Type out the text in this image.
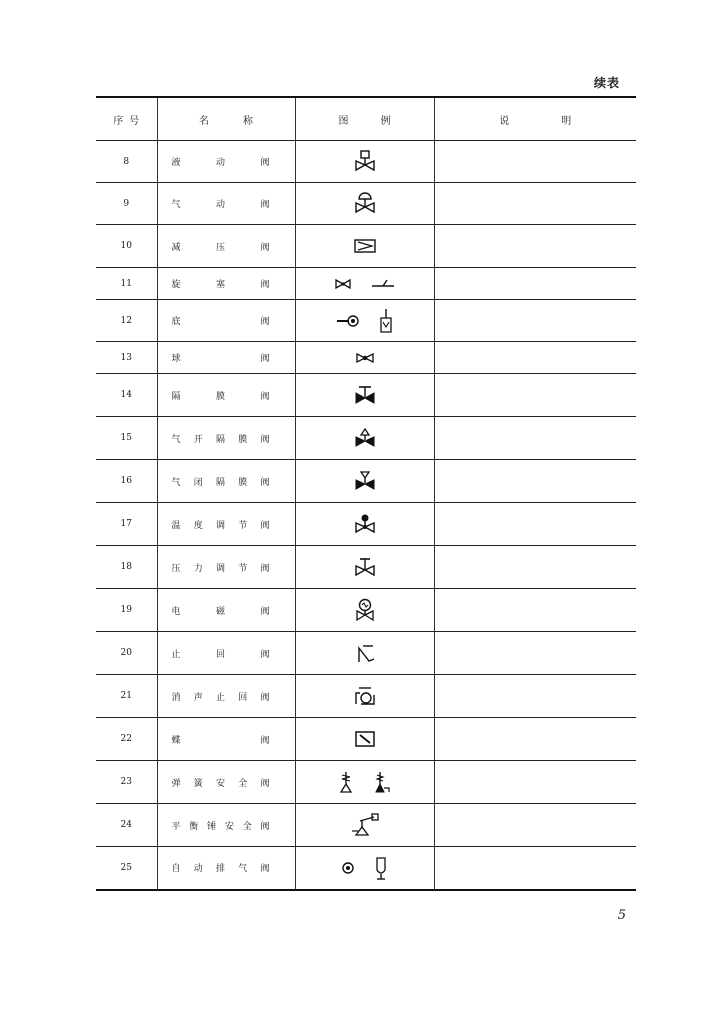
续表
序号	名称	图例	说明
8	液动阀		
9	气动阀		
10	减压阀		
11	旋塞阀		
12	底阀		
13	球阀		
14	隔膜阀		
15	气开隔膜阀		
16	气闭隔膜阀		
17	温度调节阀		
18	压力调节阀		
19	电磁阀		
20	止回阀		
21	消声止回阀		
22	蝶阀		
23	弹簧安全阀		
24	平衡锤安全阀		
25	自动排气阀		
5
